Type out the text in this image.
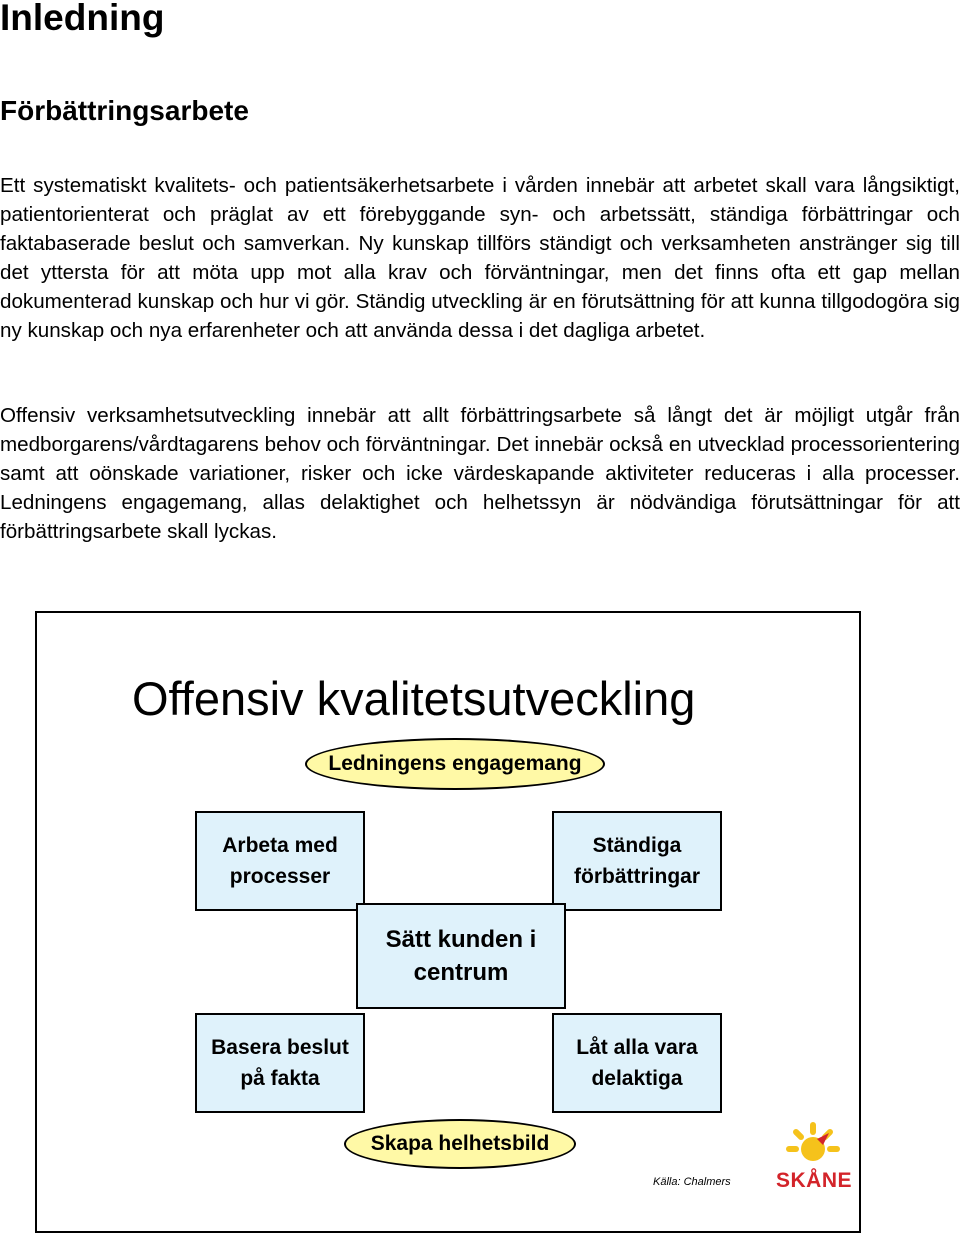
Inledning
Förbättringsarbete

Ett systematiskt kvalitets- och patientsäkerhetsarbete i vården innebär att arbetet skall vara långsiktigt, patientorienterat och präglat av ett förebyggande syn- och arbetssätt, ständiga förbättringar och faktabaserade beslut och samverkan. Ny kunskap tillförs ständigt och verksamheten anstränger sig till det yttersta för att möta upp mot alla krav och förväntningar, men det finns ofta ett gap mellan dokumenterad kunskap och hur vi gör. Ständig utveckling är en förutsättning för att kunna tillgodogöra sig ny kunskap och nya erfarenheter och att använda dessa i det dagliga arbetet.

Offensiv verksamhetsutveckling innebär att allt förbättringsarbete så långt det är möjligt utgår från medborgarens/vårdtagarens behov och förväntningar. Det innebär också en utvecklad processorientering samt att oönskade variationer, risker och icke värdeskapande aktiviteter reduceras i alla processer. Ledningens engagemang, allas delaktighet och helhetssyn är nödvändiga förutsättningar för att förbättringsarbete skall lyckas.

Offensiv kvalitetsutveckling
Ledningens engagemang
Arbeta med processer
Ständiga förbättringar
Basera beslut på fakta
Låt alla vara delaktiga
Sätt kunden i centrum
Skapa helhetsbild
Källa: Chalmers SKÅNE
